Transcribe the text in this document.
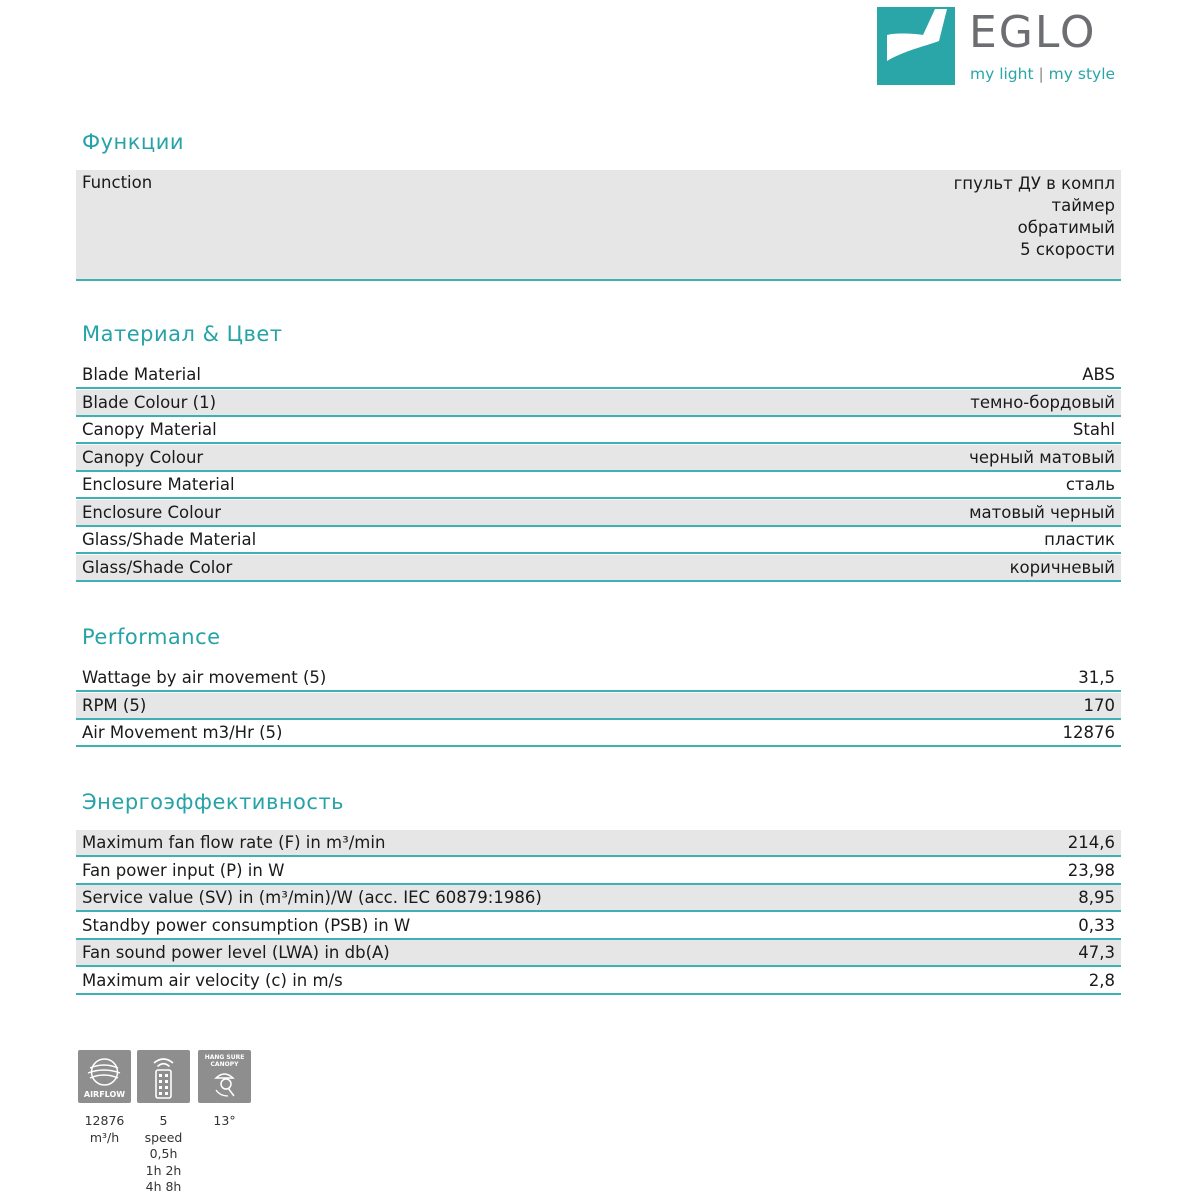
EGLO
my light | my style
Функции
Function	гпульт ДУ в компл
таймер
обратимый
5 скорости
Материал & Цвет
Blade Material	ABS
Blade Colour (1)	темно-бордовый
Canopy Material	Stahl
Canopy Colour	черный матовый
Enclosure Material	сталь
Enclosure Colour	матовый черный
Glass/Shade Material	пластик
Glass/Shade Color	коричневый
Performance
Wattage by air movement (5)	31,5
RPM (5)	170
Air Movement m3/Hr (5)	12876
Энергоэффективность
Maximum fan flow rate (F) in m³/min	214,6
Fan power input (P) in W	23,98
Service value (SV) in (m³/min)/W (acc. IEC 60879:1986)	8,95
Standby power consumption (PSB) in W	0,33
Fan sound power level (LWA) in db(A)	47,3
Maximum air velocity (c) in m/s	2,8
AIRFLOW
12876
m³/h
5
speed
0,5h
1h 2h
4h 8h
HANG SURE
CANOPY
13°
